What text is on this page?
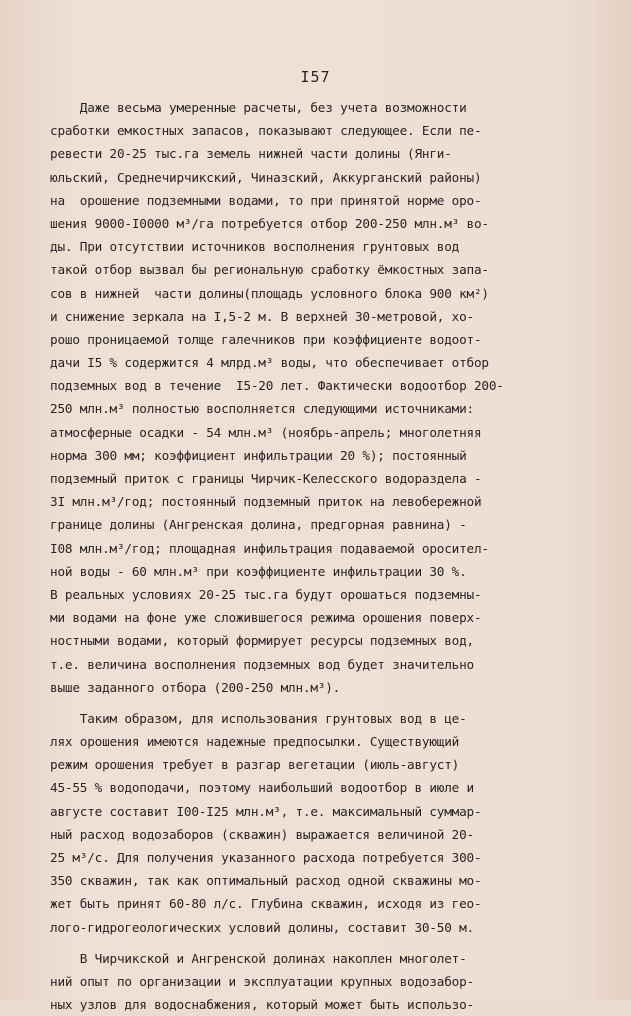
I57
Даже весьма умеренные расчеты, без учета возможности
сработки емкостных запасов, показывают следующее. Если пе-
ревести 20-25 тыс.га земель нижней части долины (Янги-
юльский, Среднечирчикский, Чиназский, Аккурганский районы)
на  орошение подземными водами, то при принятой норме оро-
шения 9000-I0000 м³/га потребуется отбор 200-250 млн.м³ во-
ды. При отсутствии источников восполнения грунтовых вод
такой отбор вызвал бы региональную сработку ёмкостных запа-
сов в нижней  части долины(площадь условного блока 900 км²)
и снижение зеркала на I,5-2 м. В верхней 30-метровой, хо-
рошо проницаемой толще галечников при коэффициенте водоот-
дачи I5 % содержится 4 млрд.м³ воды, что обеспечивает отбор
подземных вод в течение  I5-20 лет. Фактически водоотбор 200-
250 млн.м³ полностью восполняется следующими источниками:
атмосферные осадки - 54 млн.м³ (ноябрь-апрель; многолетняя
норма 300 мм; коэффициент инфильтрации 20 %); постоянный
подземный приток с границы Чирчик-Келесского водораздела -
3I млн.м³/год; постоянный подземный приток на левобережной
границе долины (Ангренская долина, предгорная равнина) -
I08 млн.м³/год; площадная инфильтрация подаваемой оросител-
ной воды - 60 млн.м³ при коэффициенте инфильтрации 30 %.
В реальных условиях 20-25 тыс.га будут орошаться подземны-
ми водами на фоне уже сложившегося режима орошения поверх-
ностными водами, который формирует ресурсы подземных вод,
т.е. величина восполнения подземных вод будет значительно
выше заданного отбора (200-250 млн.м³).
Таким образом, для использования грунтовых вод в це-
лях орошения имеются надежные предпосылки. Существующий
режим орошения требует в разгар вегетации (июль-август)
45-55 % водоподачи, поэтому наибольший водоотбор в июле и
августе составит I00-I25 млн.м³, т.е. максимальный суммар-
ный расход водозаборов (скважин) выражается величиной 20-
25 м³/с. Для получения указанного расхода потребуется 300-
350 скважин, так как оптимальный расход одной скважины мо-
жет быть принят 60-80 л/с. Глубина скважин, исходя из гео-
лого-гидрогеологических условий долины, составит 30-50 м.
В Чирчикской и Ангренской долинах накоплен многолет-
ний опыт по организации и эксплуатации крупных водозабор-
ных узлов для водоснабжения, который может быть использо-
